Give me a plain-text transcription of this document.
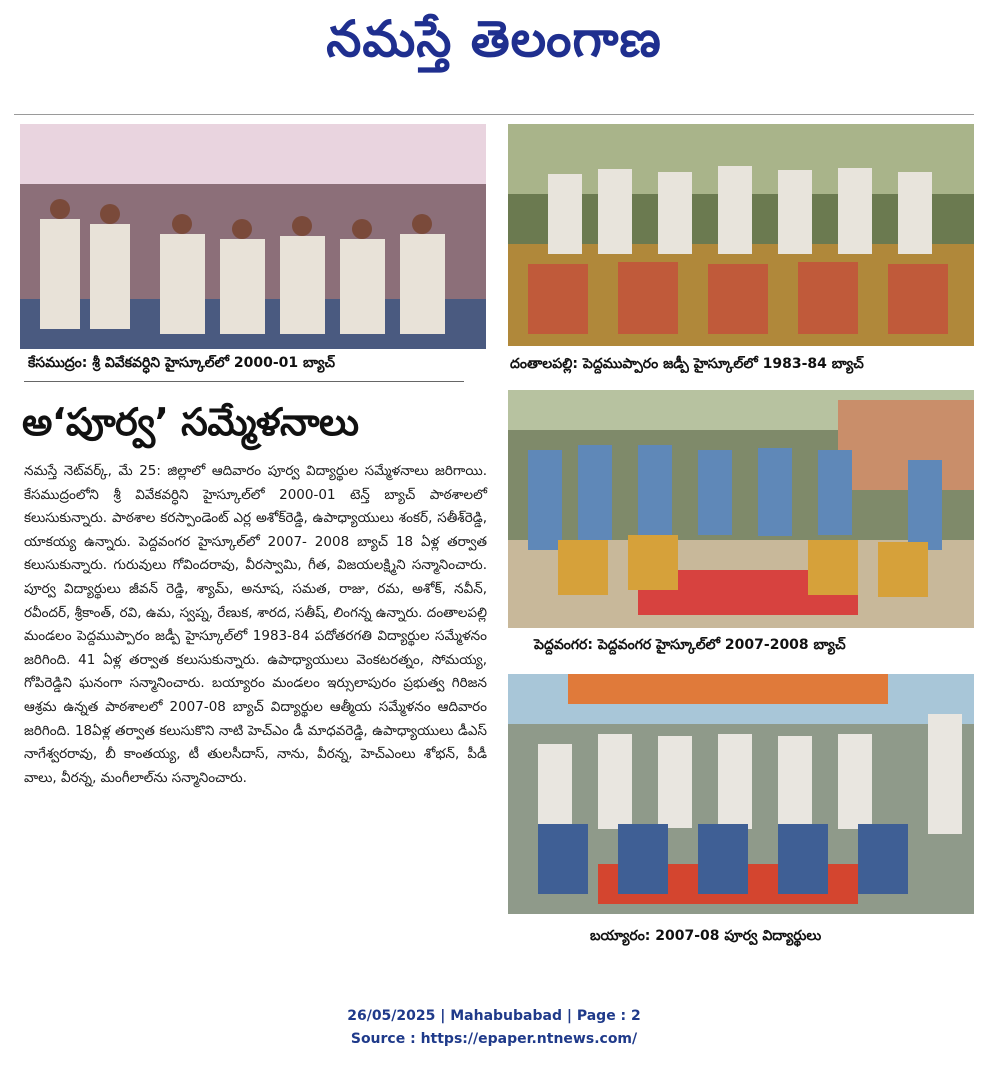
నమస్తే తెలంగాణ
కేసముద్రం: శ్రీ వివేకవర్ధిని హైస్కూల్‌లో 2000-01 బ్యాచ్	దంతాలపల్లి: పెద్దముప్పారం జడ్పీ హైస్కూల్‌లో 1983-84 బ్యాచ్
పెద్దవంగర: పెద్దవంగర హైస్కూల్‌లో 2007-2008 బ్యాచ్
బయ్యారం: 2007-08 పూర్వ విద్యార్థులు
అ‘పూర్వ’ సమ్మేళనాలు

నమస్తే నెట్‌వర్క్, మే 25: జిల్లాలో ఆదివారం పూర్వ విద్యార్థుల సమ్మేళనాలు జరిగాయి. కేసముద్రంలోని శ్రీ వివేకవర్ధిని హైస్కూల్‌లో 2000-01 టెన్త్ బ్యాచ్ పాఠశాలలో కలుసుకున్నారు. పాఠశాల కరస్పాండెంట్ ఎర్ల అశోక్‌రెడ్డి, ఉపాధ్యాయులు శంకర్, సతీశ్‌రెడ్డి, యాకయ్య ఉన్నారు. పెద్దవంగర హైస్కూల్‌లో 2007- 2008 బ్యాచ్ 18 ఏళ్ల తర్వాత కలుసుకున్నారు. గురువులు గోవిందరావు, వీరస్వామి, గీత, విజయలక్ష్మిని సన్మానించారు. పూర్వ విద్యార్థులు జీవన్ రెడ్డి, శ్యామ్, అనూష, సమత, రాజు, రమ, అశోక్, నవీన్, రవీందర్, శ్రీకాంత్, రవి, ఉమ, స్వప్న, రేణుక, శారద, సతీష్, లింగన్న ఉన్నారు. దంతాలపల్లి మండలం పెద్దముప్పారం జడ్పీ హైస్కూల్‌లో 1983-84 పదోతరగతి విద్యార్థుల సమ్మేళనం జరిగింది. 41 ఏళ్ల తర్వాత కలుసుకున్నారు. ఉపాధ్యాయులు వెంకటరత్నం, సోమయ్య, గోపిరెడ్డిని ఘనంగా సన్మానించారు. బయ్యారం మండలం ఇర్సులాపురం ప్రభుత్వ గిరిజన ఆశ్రమ ఉన్నత పాఠశాలలో 2007-08 బ్యాచ్ విద్యార్థుల ఆత్మీయ సమ్మేళనం ఆదివారం జరిగింది. 18ఏళ్ల తర్వాత కలుసుకొని నాటి హెచ్‌ఎం డీ మాధవరెడ్డి, ఉపాధ్యాయులు డీఎస్ నాగేశ్వరరావు, బీ కాంతయ్య, టీ తులసీదాస్, నాను, వీరన్న, హెచ్‌ఎంలు శోభన్, పీడీ వాలు, వీరన్న, మంగీలాల్‌ను సన్మానించారు.

26/05/2025 | Mahabubabad | Page : 2
Source : https://epaper.ntnews.com/
